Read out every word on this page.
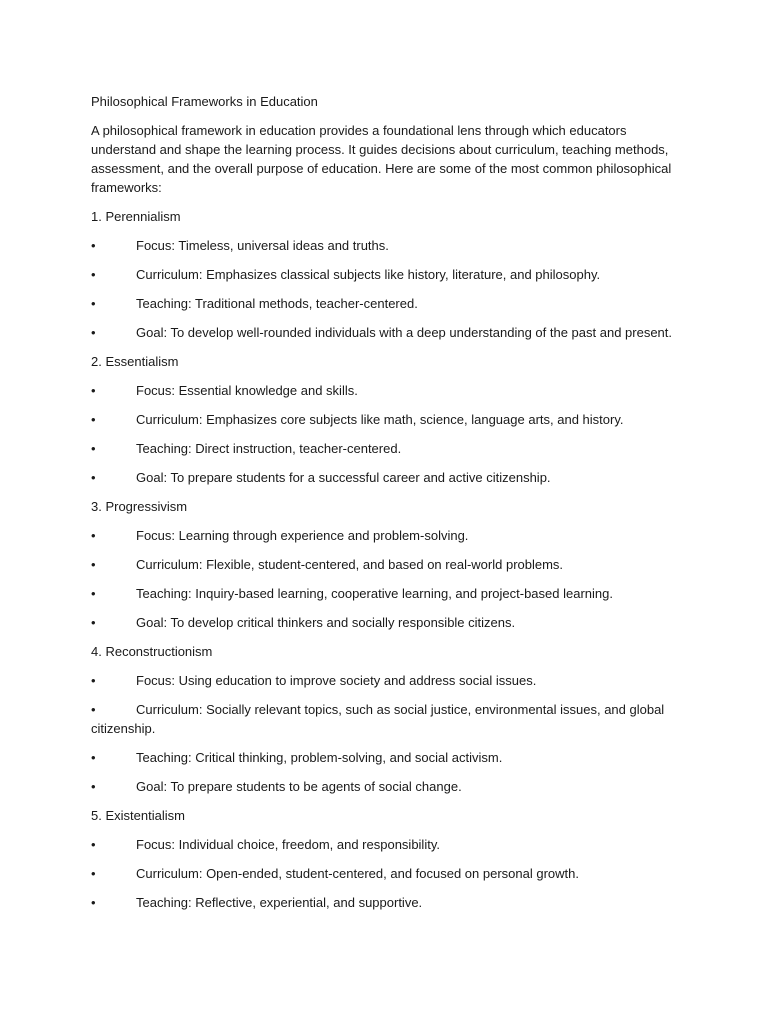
Philosophical Frameworks in Education

A philosophical framework in education provides a foundational lens through which educators understand and shape the learning process. It guides decisions about curriculum, teaching methods, assessment, and the overall purpose of education. Here are some of the most common philosophical frameworks:

1. Perennialism

•	Focus: Timeless, universal ideas and truths.

•	Curriculum: Emphasizes classical subjects like history, literature, and philosophy.

•	Teaching: Traditional methods, teacher-centered.

•	Goal: To develop well-rounded individuals with a deep understanding of the past and present.

2. Essentialism

•	Focus: Essential knowledge and skills.

•	Curriculum: Emphasizes core subjects like math, science, language arts, and history.

•	Teaching: Direct instruction, teacher-centered.

•	Goal: To prepare students for a successful career and active citizenship.

3. Progressivism

•	Focus: Learning through experience and problem-solving.

•	Curriculum: Flexible, student-centered, and based on real-world problems.

•	Teaching: Inquiry-based learning, cooperative learning, and project-based learning.

•	Goal: To develop critical thinkers and socially responsible citizens.

4. Reconstructionism

•	Focus: Using education to improve society and address social issues.

•	Curriculum: Socially relevant topics, such as social justice, environmental issues, and global citizenship.

•	Teaching: Critical thinking, problem-solving, and social activism.

•	Goal: To prepare students to be agents of social change.

5. Existentialism

•	Focus: Individual choice, freedom, and responsibility.

•	Curriculum: Open-ended, student-centered, and focused on personal growth.

•	Teaching: Reflective, experiential, and supportive.
